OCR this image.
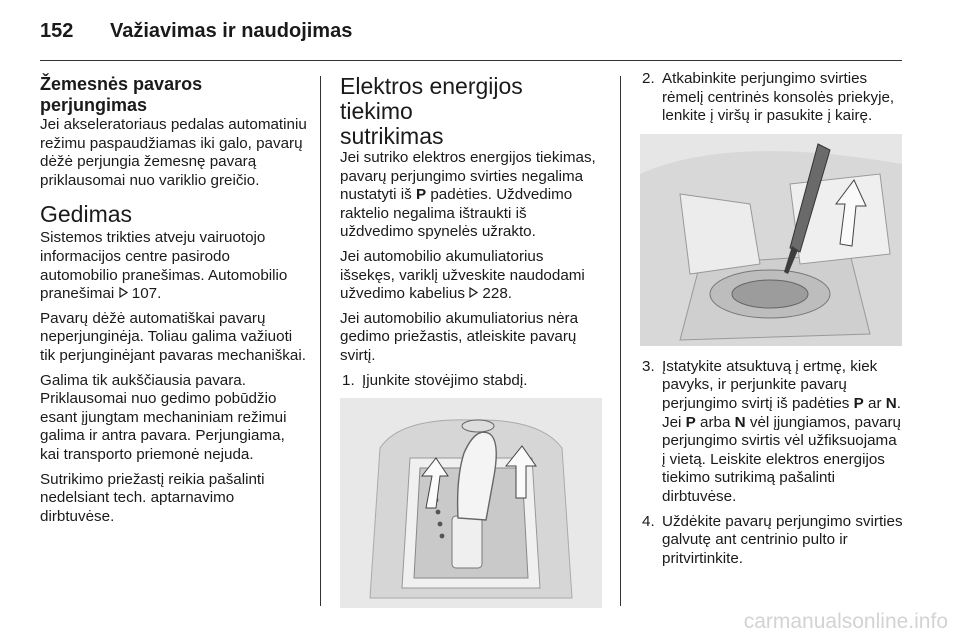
152 Važiavimas ir naudojimas
Žemesnės pavaros
perjungimas

Jei akseleratoriaus pedalas automatiniu režimu paspaudžiamas iki galo, pavarų dėžė perjungia žemesnę pavarą priklausomai nuo variklio greičio.

Gedimas

Sistemos trikties atveju vairuotojo informacijos centre pasirodo automobilio pranešimas. Automobilio pranešimai 107.

Pavarų dėžė automatiškai pavarų neperjunginėja. Toliau galima važiuoti tik perjunginėjant pavaras mechaniškai.

Galima tik aukščiausia pavara. Priklausomai nuo gedimo pobūdžio esant įjungtam mechaniniam režimui galima ir antra pavara. Perjungiama, kai transporto priemonė nejuda.

Sutrikimo priežastį reikia pašalinti nedelsiant tech. aptarnavimo dirbtuvėse.

Elektros energijos tiekimo
sutrikimas

Jei sutriko elektros energijos tiekimas, pavarų perjungimo svirties negalima nustatyti iš P padėties. Uždvedimo raktelio negalima ištraukti iš uždvedimo spynelės užrakto.

Jei automobilio akumuliatorius išsekęs, variklį užveskite naudodami užvedimo kabelius 228.

Jei automobilio akumuliatorius nėra gedimo priežastis, atleiskite pavarų svirtį.

1. Įjunkite stovėjimo stabdį.
2. Atkabinkite perjungimo svirties rėmelį centrinės konsolės priekyje, lenkite į viršų ir pasukite į kairę.
3. Įstatykite atsuktuvą į ertmę, kiek pavyks, ir perjunkite pavarų perjungimo svirtį iš padėties P ar N. Jei P arba N vėl įjungiamos, pavarų perjungimo svirtis vėl užfiksuojama į vietą. Leiskite elektros energijos tiekimo sutrikimą pašalinti dirbtuvėse.
4. Uždėkite pavarų perjungimo svirties galvutę ant centrinio pulto ir pritvirtinkite.
carmanualsonline.info
